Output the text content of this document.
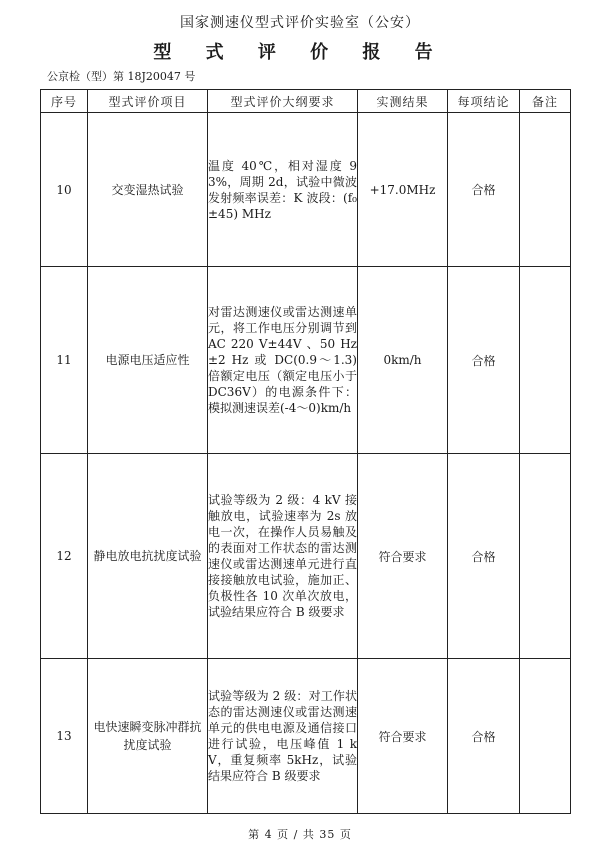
国家测速仪型式评价实验室（公安）
型 式 评 价 报 告
公京检（型）第 18J20047 号
序号	型式评价项目	型式评价大纲要求	实测结果	每项结论	备注
10	交变湿热试验	温度 40℃，相对湿度 93%，周期 2d，试验中微波发射频率误差：K 波段：(f₀±45) MHz	+17.0MHz	合格	
11	电源电压适应性	对雷达测速仪或雷达测速单元，将工作电压分别调节到 AC 220 V±44V 、50 Hz ±2 Hz 或 DC(0.9～1.3) 倍额定电压（额定电压小于 DC36V）的电源条件下：模拟测速误差(-4～0)km/h	0km/h	合格	
12	静电放电抗扰度试验	试验等级为 2 级：4 kV 接触放电，试验速率为 2s 放电一次，在操作人员易触及的表面对工作状态的雷达测速仪或雷达测速单元进行直接接触放电试验，施加正、负极性各 10 次单次放电，试验结果应符合 B 级要求	符合要求	合格	
13	电快速瞬变脉冲群抗扰度试验	试验等级为 2 级：对工作状态的雷达测速仪或雷达测速单元的供电电源及通信接口进行试验，电压峰值 1 kV，重复频率 5kHz，试验结果应符合 B 级要求	符合要求	合格	
第 4 页 / 共 35 页
